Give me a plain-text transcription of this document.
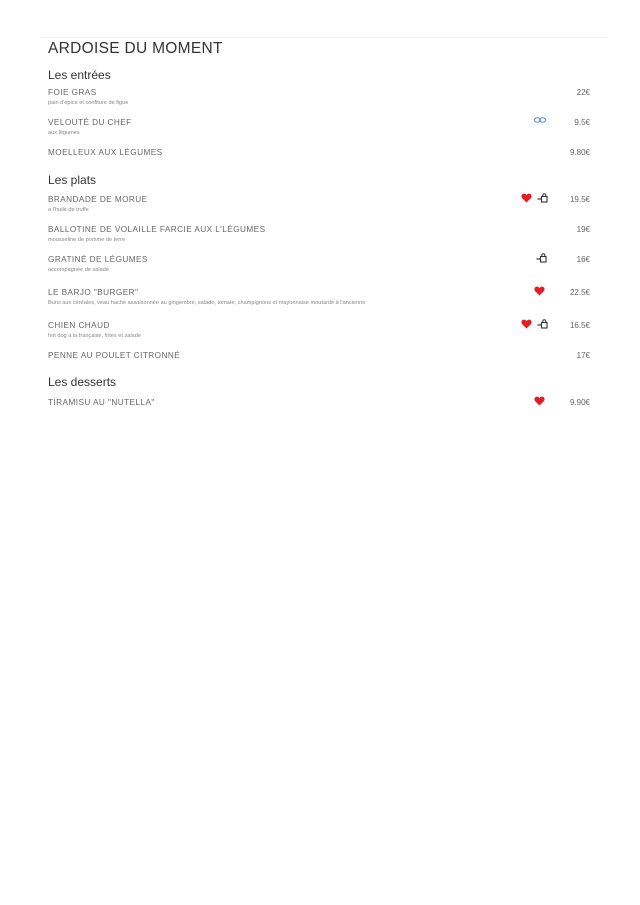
ARDOISE DU MOMENT
Les entrées
FOIE GRAS
pain d'épice et confiture de figue
22€
VELOUTÉ DU CHEF
aux légumes
9.5€
MOELLEUX AUX LÉGUMES	9.80€
Les plats
BRANDADE DE MORUE
a l'huile de truffe
19.5€
BALLOTINE DE VOLAILLE FARCIE AUX L'LÉGUMES
mousseline de pomme de terre
19€
GRATINÉ DE LÉGUMES
accompagnée de salade
16€
LE BARJO "BURGER"
Buns aux céréales, veau haché assaisonnée au gingembre, salade, tomate, champignons et mayonnaise moutarde à l'ancienne
22.5€
CHIEN CHAUD
hot dog a la française, frites et salade
16.5€
PENNE AU POULET CITRONNÉ	17€
Les desserts
TIRAMISU AU "NUTELLA"	9.90€
